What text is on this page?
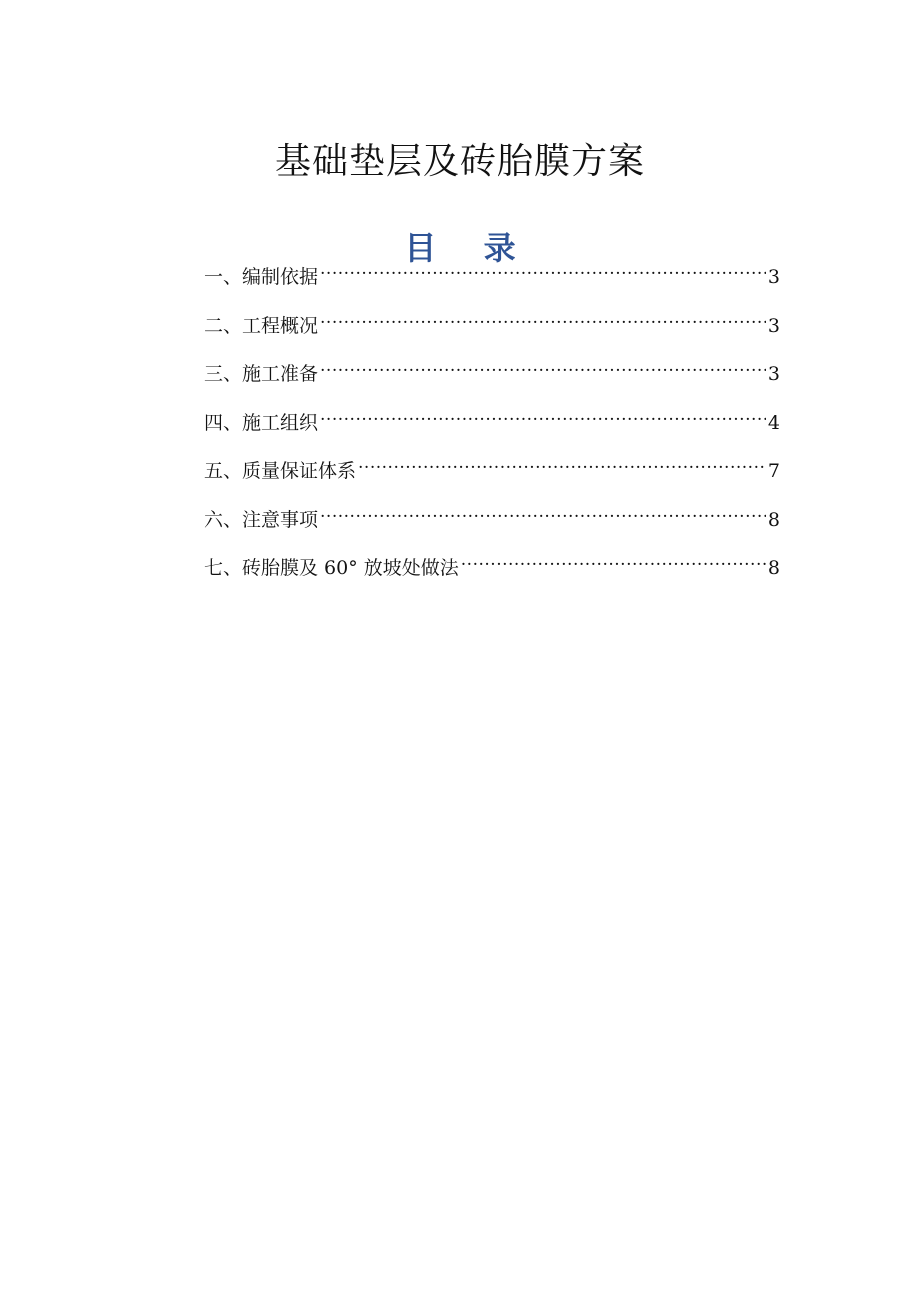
基础垫层及砖胎膜方案
目 录
一、编制依据 .....	3
二、工程概况 .....	3
三、施工准备 .....	3
四、施工组织 .....	4
五、质量保证体系 .....	7
六、注意事项 .....	8
七、砖胎膜及 60° 放坡处做法 .....	8
